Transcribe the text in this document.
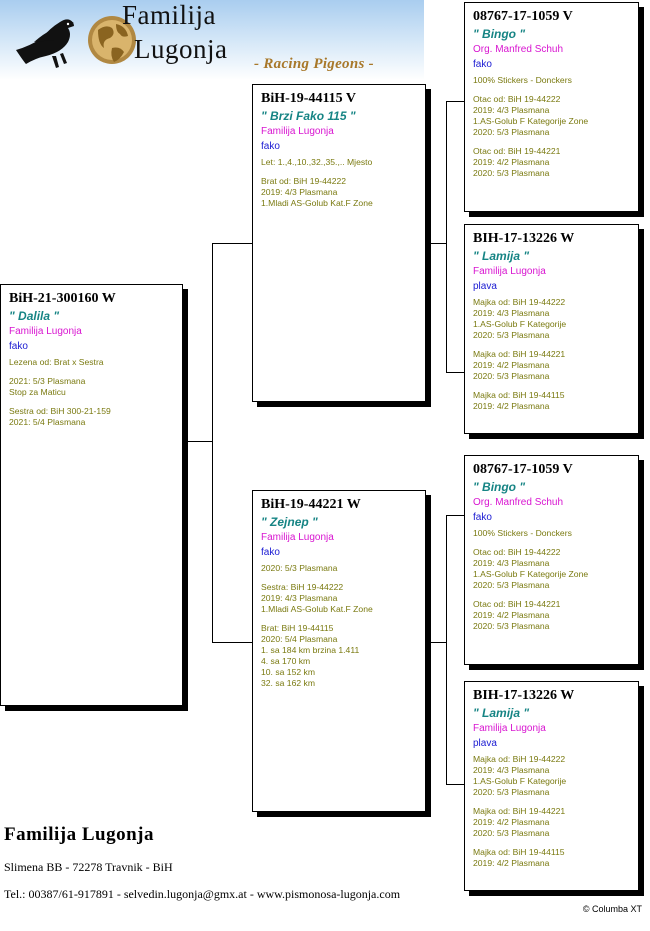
Familija
Lugonja - Racing Pigeons -
BiH-21-300160 W
" Dalila "
Familija Lugonja
fako
Lezena od: Brat x Sestra
2021: 5/3 Plasmana
Stop za Maticu
Sestra od: BiH 300-21-159
2021: 5/4 Plasmana
BiH-19-44115 V
" Brzi Fako 115 "
Familija Lugonja
fako
Let: 1.,4.,10.,32.,35.,.. Mjesto
Brat od: BiH 19-44222
2019: 4/3 Plasmana
1.Mladi AS-Golub Kat.F Zone
BiH-19-44221 W
" Zejnep "
Familija Lugonja
fako
2020: 5/3 Plasmana
Sestra: BiH 19-44222
2019: 4/3 Plasmana
1.Mladi AS-Golub Kat.F Zone
Brat: BiH 19-44115
2020: 5/4 Plasmana
1. sa 184 km brzina 1.411
4. sa 170 km
10. sa 152 km
32. sa 162 km
08767-17-1059 V
" Bingo "
Org. Manfred Schuh
fako
100% Stickers - Donckers
Otac od: BiH 19-44222
2019: 4/3 Plasmana
1.AS-Golub F Kategorije Zone
2020: 5/3 Plasmana
Otac od: BiH 19-44221
2019: 4/2 Plasmana
2020: 5/3 Plasmana
BIH-17-13226 W
" Lamija "
Familija Lugonja
plava
Majka od: BiH 19-44222
2019: 4/3 Plasmana
1.AS-Golub F Kategorije
2020: 5/3 Plasmana
Majka od: BiH 19-44221
2019: 4/2 Plasmana
2020: 5/3 Plasmana
Majka od: BiH 19-44115
2019: 4/2 Plasmana
08767-17-1059 V
" Bingo "
Org. Manfred Schuh
fako
100% Stickers - Donckers
Otac od: BiH 19-44222
2019: 4/3 Plasmana
1.AS-Golub F Kategorije Zone
2020: 5/3 Plasmana
Otac od: BiH 19-44221
2019: 4/2 Plasmana
2020: 5/3 Plasmana
BIH-17-13226 W
" Lamija "
Familija Lugonja
plava
Majka od: BiH 19-44222
2019: 4/3 Plasmana
1.AS-Golub F Kategorije
2020: 5/3 Plasmana
Majka od: BiH 19-44221
2019: 4/2 Plasmana
2020: 5/3 Plasmana
Majka od: BiH 19-44115
2019: 4/2 Plasmana
Familija Lugonja
Slimena BB - 72278 Travnik - BiH
Tel.: 00387/61-917891 - selvedin.lugonja@gmx.at - www.pismonosa-lugonja.com
© Columba XT
